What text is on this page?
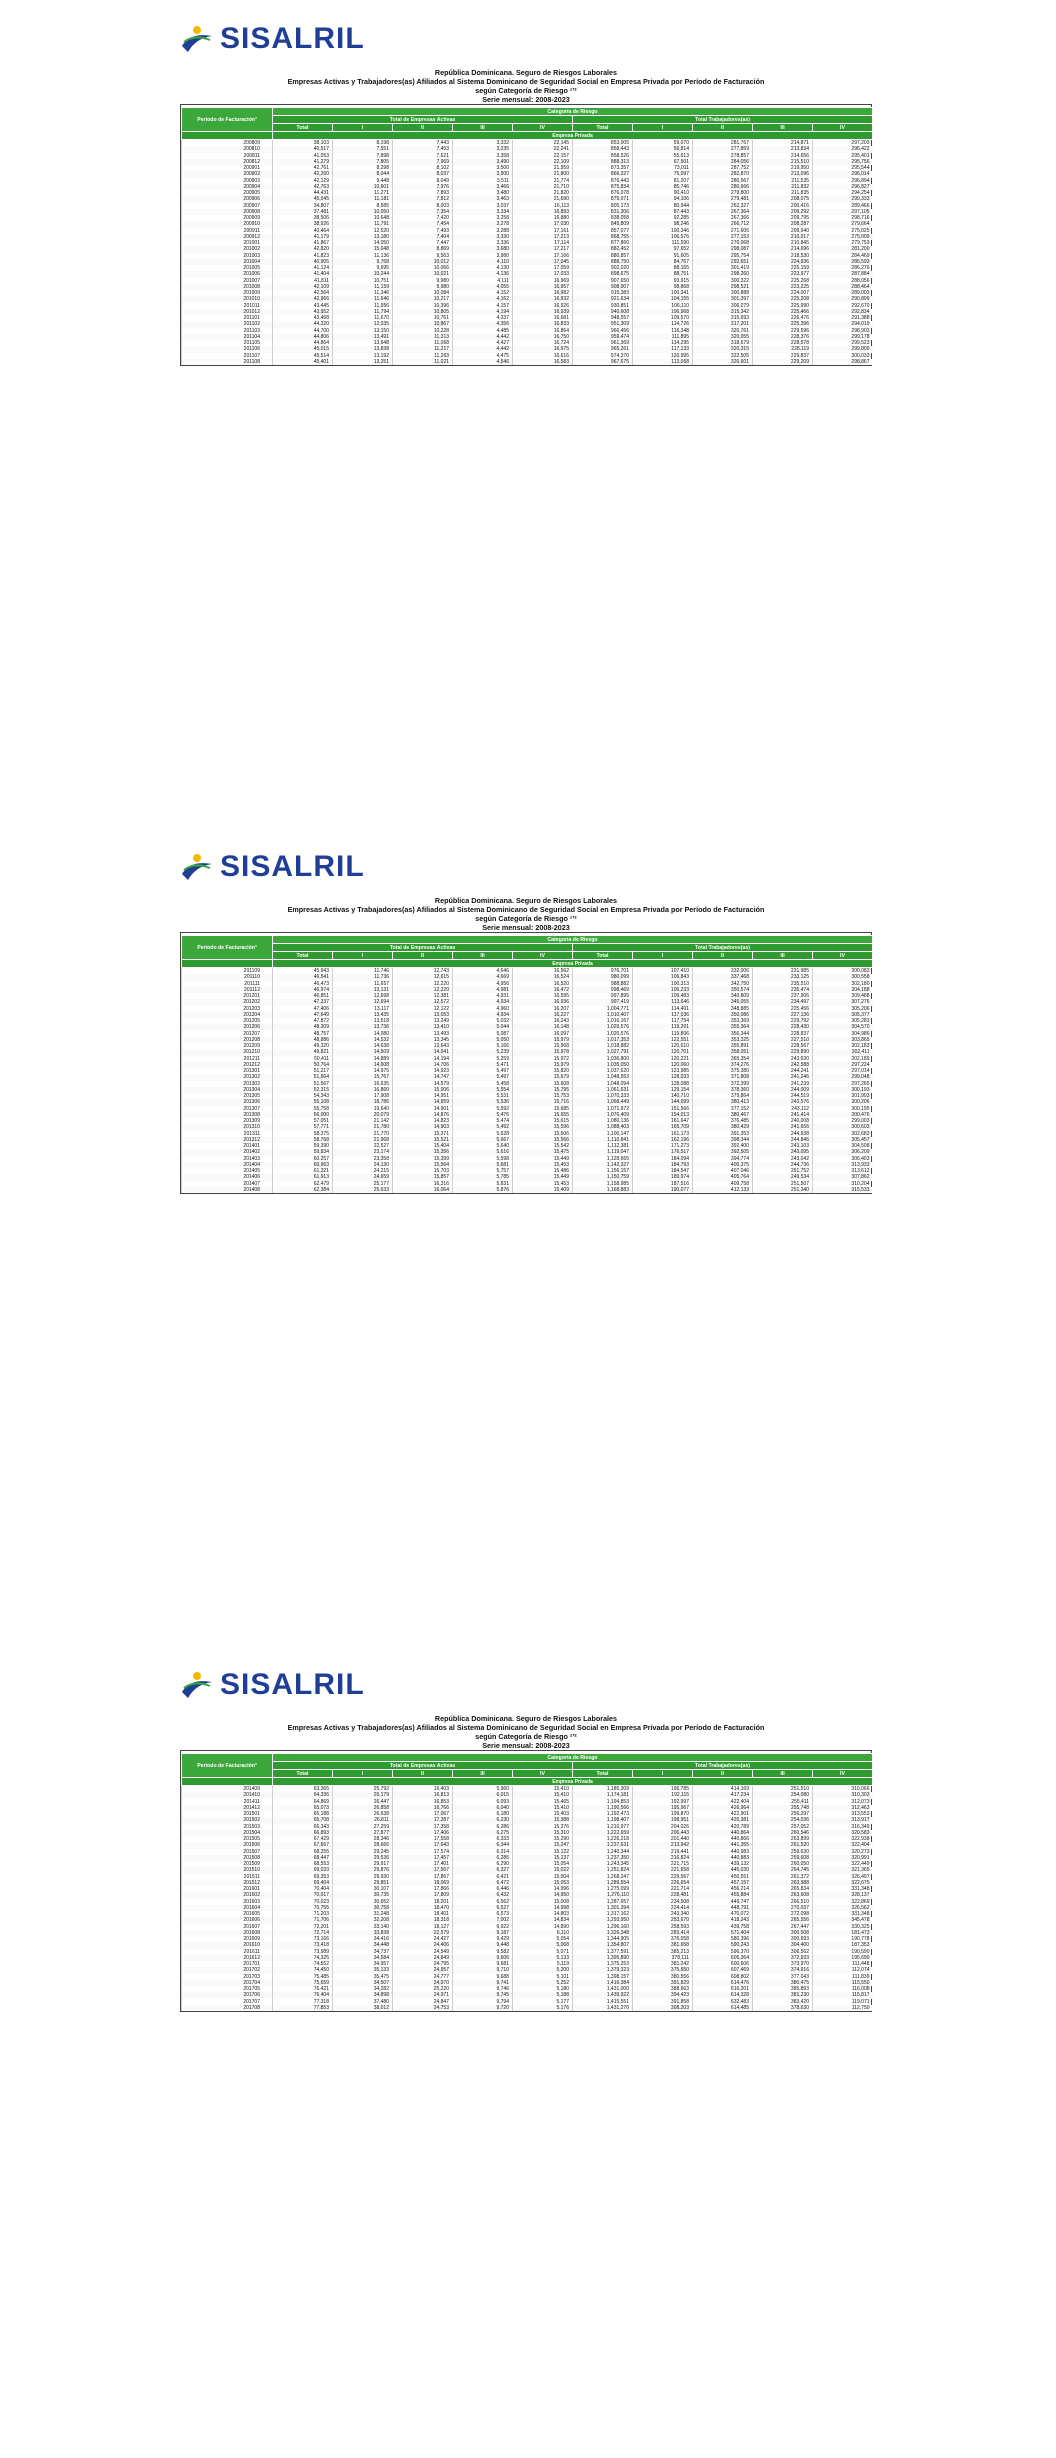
SISALRIL
República Dominicana. Seguro de Riesgos Laborales
Empresas Activas y Trabajadores(as) Afiliados al Sistema Dominicano de Seguridad Social en Empresa Privada por Período de Facturación
según Categoría de Riesgo ¹ʼ²
Serie mensual: 2008-2023
Período de Facturación³	Categoría de Riesgo									
	Total de Empresas Activas					Total Trabajadores(as)				
	Total	I	II	III	IV	Total	I	II	III	IV
	Empresa Privada									
200809	38,103	8,198	7,443	3,332	22,145	853,005	59,070	281,767	214,871	297,203
200810	40,517	7,551	7,453	3,235	22,241	858,443	56,814	277,859	213,834	296,422
200811	41,053	7,898	7,621	3,358	22,157	858,526	55,613	278,857	214,656	295,401
200812	41,279	7,805	7,969	3,490	22,109	888,313	67,501	284,056	215,510	295,756
200901	42,761	8,298	8,102	3,500	21,959	873,357	73,011	287,752	219,950	295,544
200902	42,260	8,044	8,037	3,500	21,800	866,327	75,097	282,870	213,096	296,014
200903	42,129	9,448	8,049	3,511	21,774	876,443	81,207	280,567	211,535	296,894
200904	42,763	10,601	7,976	3,466	21,710	875,834	85,746	280,666	211,832	296,827
200905	44,431	11,271	7,893	3,480	21,820	876,078	90,410	279,800	211,835	294,254
200906	45,045	11,181	7,812	3,463	21,690	875,071	94,106	279,481	208,075	290,333
200907	34,807	8,585	8,003	3,037	16,113	805,173	80,944	262,327	200,416	289,466
200908	37,481	10,050	7,354	3,334	16,893	831,306	87,443	267,364	209,292	297,105
200909	38,506	10,648	7,420	3,258	16,880	838,058	92,285	267,366	209,795	298,716
200910	38,926	11,791	7,454	3,278	17,030	845,809	98,246	266,712	208,287	279,664
200911	40,464	12,520	7,493	3,288	17,161	857,077	100,346	271,606	209,940	275,025
200912	41,179	13,180	7,404	3,330	17,213	868,755	106,576	277,153	210,017	275,009
201001	41,867	14,050	7,447	3,336	17,114	877,860	111,590	276,068	210,845	279,753
201002	42,820	15,048	8,869	3,680	17,217	882,452	97,652	298,087	214,696	281,200
201003	41,823	11,136	9,563	3,980	17,166	880,857	91,605	295,754	218,530	284,469
201004	40,905	9,768	10,012	4,110	17,045	888,750	84,767	292,651	224,936	286,593
201005	41,124	9,695	10,066	4,130	17,059	902,020	88,165	301,419	225,159	286,276
201006	41,404	10,244	10,021	4,136	17,033	898,675	88,751	298,260	223,977	287,884
201007	41,811	10,751	9,980	4,111	16,969	907,650	93,915	300,322	225,268	288,056
201008	42,109	11,159	9,980	4,055	16,957	908,007	98,868	298,521	223,225	288,464
201009	42,564	11,346	10,084	4,152	16,982	915,383	100,341	300,888	224,007	289,003
201010	42,966	11,646	10,217	4,162	16,932	921,634	104,155	301,397	225,208	290,899
201011	43,445	11,956	10,396	4,157	16,926	930,851	106,110	306,079	225,990	292,670
201012	43,952	11,794	10,805	4,194	16,939	940,608	106,968	315,342	225,466	292,834
201101	43,468	11,670	10,761	4,337	16,681	948,557	109,570	315,693	226,476	291,388
201102	44,320	12,035	10,867	4,356	16,833	951,309	114,726	317,201	225,396	294,019
201103	44,700	13,150	10,228	4,485	16,864	966,456	116,348	320,761	229,596	298,903
201104	44,806	13,491	11,313	4,442	16,750	959,474	111,895	320,055	228,376	299,178
201105	44,864	13,648	11,068	4,427	16,724	961,369	114,295	318,679	228,578	299,523
201106	45,015	13,838	11,217	4,442	16,675	965,261	117,133	320,315	228,119	299,800
201107	45,514	13,192	11,263	4,475	16,616	974,370	120,995	322,505	229,837	300,033
201108	45,401	13,251	11,021	4,546	16,583	967,675	113,068	326,601	229,209	298,867
SISALRIL
República Dominicana. Seguro de Riesgos Laborales
Empresas Activas y Trabajadores(as) Afiliados al Sistema Dominicano de Seguridad Social en Empresa Privada por Período de Facturación
según Categoría de Riesgo ¹ʼ²
Serie mensual: 2008-2023
Período de Facturación³	Categoría de Riesgo									
	Total de Empresas Activas					Total Trabajadores(as)				
	Total	I	II	III	IV	Total	I	II	III	IV
	Empresa Privada									
201109	45,943	11,746	12,743	4,646	16,562	976,701	107,410	332,006	231,985	300,083
201110	46,541	11,736	12,615	4,669	16,524	980,099	106,843	337,468	233,125	300,558
201111	46,473	11,657	12,220	4,956	16,520	988,882	100,313	342,750	235,510	302,180
201112	46,974	13,131	12,220	4,981	16,472	998,469	106,233	350,574	235,474	304,188
201201	46,851	12,698	12,381	4,931	16,595	997,895	109,483	340,809	237,906	309,488
201202	47,337	12,694	12,572	4,934	16,936	997,419	113,646	345,055	234,497	307,276
201203	47,406	13,117	12,122	4,960	16,207	1,004,771	114,401	348,885	225,456	305,206
201204	47,649	13,435	13,053	4,934	16,227	1,010,407	117,036	350,086	227,136	305,377
201205	47,872	13,518	13,249	5,032	16,243	1,016,167	117,754	353,369	229,792	305,283
201206	48,309	13,736	13,410	5,044	16,148	1,020,576	119,201	355,364	228,430	304,570
201207	48,757	14,080	13,493	5,087	16,097	1,020,576	119,806	356,344	228,837	304,986
201208	48,886	14,532	13,345	5,050	15,979	1,017,353	122,551	353,325	227,510	303,865
201209	49,320	14,638	13,643	5,166	15,968	1,018,882	120,610	355,891	228,567	302,183
201210	49,821	14,509	14,041	5,239	15,978	1,027,791	120,701	358,051	229,890	302,411
201211	50,411	14,889	14,194	5,259	15,972	1,036,800	120,221	365,354	243,630	302,189
201212	50,764	14,608	14,706	5,471	15,979	1,035,050	120,060	374,276	242,588	297,224
201301	51,217	14,975	14,923	5,497	15,820	1,037,620	123,985	375,380	244,241	297,014
201302	51,664	15,767	14,747	5,497	15,679	1,048,553	128,033	371,808	241,246	299,048
201303	51,567	16,635	14,579	5,458	15,608	1,048,094	128,088	372,399	241,239	297,265
201304	52,315	16,860	15,006	5,554	15,795	1,061,631	129,154	378,360	244,009	300,193
201305	54,343	17,908	14,951	5,531	15,753	1,070,333	140,710	379,864	244,519	301,903
201306	55,108	18,786	14,959	5,536	15,716	1,068,449	144,099	380,413	243,576	300,206
201307	55,758	19,640	14,901	5,592	15,685	1,071,972	151,566	377,152	243,112	300,195
201308	56,000	20,079	14,876	5,476	15,655	1,076,409	154,013	380,467	241,414	300,476
201309	57,051	21,142	14,823	5,474	15,615	1,080,136	161,647	376,485	240,008	299,003
201310	57,771	21,780	14,903	5,492	15,596	1,088,403	165,709	380,429	241,656	300,603
201311	58,375	21,770	15,371	5,628	15,606	1,100,147	161,173	391,353	244,938	302,683
201312	58,768	21,968	15,521	5,667	15,566	1,110,841	162,196	398,344	244,846	305,457
201401	59,390	22,527	15,404	5,640	15,542	1,112,381	171,273	392,400	243,103	304,508
201402	59,834	23,174	15,356	5,616	15,475	1,119,047	176,517	392,505	243,095	306,209
201403	60,257	23,358	15,399	5,598	15,449	1,128,665	184,094	394,774	243,042	306,403
201404	60,963	24,130	15,564	5,681	15,453	1,142,327	184,793	400,375	244,736	313,933
201405	61,321	24,215	15,703	5,757	15,486	1,156,157	184,547	407,046	251,752	313,612
201406	61,913	24,659	15,857	5,785	15,449	1,150,759	189,974	405,764	249,534	307,862
201407	62,479	25,177	16,316	5,831	15,453	1,158,985	187,516	409,758	251,507	310,204
201408	62,384	25,633	16,064	5,876	15,409	1,168,883	190,077	412,133	251,340	315,533
SISALRIL
República Dominicana. Seguro de Riesgos Laborales
Empresas Activas y Trabajadores(as) Afiliados al Sistema Dominicano de Seguridad Social en Empresa Privada por Período de Facturación
según Categoría de Riesgo ¹ʼ²
Serie mensual: 2008-2023
Período de Facturación³	Categoría de Riesgo									
	Total de Empresas Activas					Total Trabajadores(as)				
	Total	I	II	III	IV	Total	I	II	III	IV
	Empresa Privada									
201409	63,365	25,792	16,403	5,960	15,410	1,185,309	196,785	414,169	251,510	310,066
201410	64,336	26,179	16,813	6,015	15,410	1,174,181	192,115	417,234	254,080	310,303
201411	64,869	26,447	16,853	6,093	15,465	1,194,853	192,997	422,404	255,411	312,073
201412	65,073	26,858	16,766	6,040	15,410	1,190,566	195,967	426,964	255,748	312,463
201501	65,188	26,638	17,067	6,180	15,403	1,192,473	199,870	422,901	256,297	313,553
201502	65,708	26,811	17,287	6,230	15,388	1,198,407	198,951	420,381	254,036	313,917
201503	66,343	27,259	17,358	6,286	15,376	1,210,977	204,026	420,789	257,052	316,349
201504	66,893	27,877	17,406	6,275	15,310	1,222,659	206,443	440,864	260,546	320,583
201505	67,429	28,346	17,558	6,333	15,290	1,226,218	201,440	440,866	263,899	322,938
201506	67,667	28,666	17,643	6,344	15,247	1,237,631	213,942	441,355	261,520	322,404
201507	68,255	29,245	17,574	6,314	15,122	1,240,344	219,441	440,983	259,630	320,273
201508	68,447	29,536	17,457	6,285	15,137	1,237,350	216,824	440,883	259,608	320,991
201509	68,553	29,917	17,401	6,290	15,054	1,243,345	221,715	439,132	260,050	322,449
201510	69,033	29,876	17,567	6,327	15,022	1,251,824	221,658	445,030	264,745	321,365
201511	69,353	29,930	17,867	6,421	15,004	1,268,247	229,567	450,551	261,372	326,497
201512	69,404	29,851	18,069	6,472	15,053	1,289,554	226,654	457,157	263,988	322,675
201601	70,404	30,107	17,866	6,446	14,996	1,275,099	221,714	456,214	265,834	331,348
201602	70,017	30,735	17,809	6,432	14,950	1,276,110	228,481	455,884	263,608	328,137
201603	70,023	30,652	18,201	6,562	15,008	1,287,657	234,508	449,747	266,510	322,869
201604	70,755	30,758	18,470	6,527	14,998	1,301,394	224,414	448,791	270,037	326,562
201605	71,203	31,248	18,401	6,573	14,803	1,317,162	243,340	470,072	272,098	331,348
201606	71,706	32,208	18,318	7,002	14,834	1,293,950	253,670	418,243	265,556	345,478
201607	72,201	33,140	18,127	6,922	14,890	1,296,160	258,593	439,758	267,447	330,325
201608	72,714	33,838	22,579	9,187	6,110	1,326,348	283,414	571,404	300,508	181,473
201609	73,166	34,416	24,427	9,429	5,054	1,344,905	376,058	580,396	300,693	190,778
201610	73,418	34,448	24,406	9,448	5,068	1,354,807	381,658	590,243	304,400	187,353
201611	73,989	34,737	24,549	9,582	5,071	1,377,591	385,213	596,370	306,562	190,590
201612	74,325	34,584	24,849	9,606	5,133	1,395,890	378,111	605,364	372,933	195,690
201701	74,552	34,957	24,795	9,681	5,119	1,375,253	381,242	600,606	373,970	111,448
201702	74,450	35,133	24,957	9,710	5,200	1,379,323	375,650	607,469	374,916	112,074
201703	75,485	35,475	24,777	9,688	5,101	1,398,157	380,556	608,802	377,043	111,839
201704	75,659	34,507	24,970	9,741	5,252	1,416,384	391,829	614,476	380,475	115,550
201705	76,421	34,282	25,220	9,746	5,180	1,431,000	388,663	616,201	385,893	116,008
201706	76,404	34,898	24,971	9,745	5,188	1,439,922	394,423	614,328	381,230	115,817
201707	77,318	37,480	24,847	9,794	5,177	1,415,551	391,858	632,483	383,420	119,071
201708	77,853	38,012	24,753	9,720	5,176	1,431,270	308,203	614,485	378,630	112,750
